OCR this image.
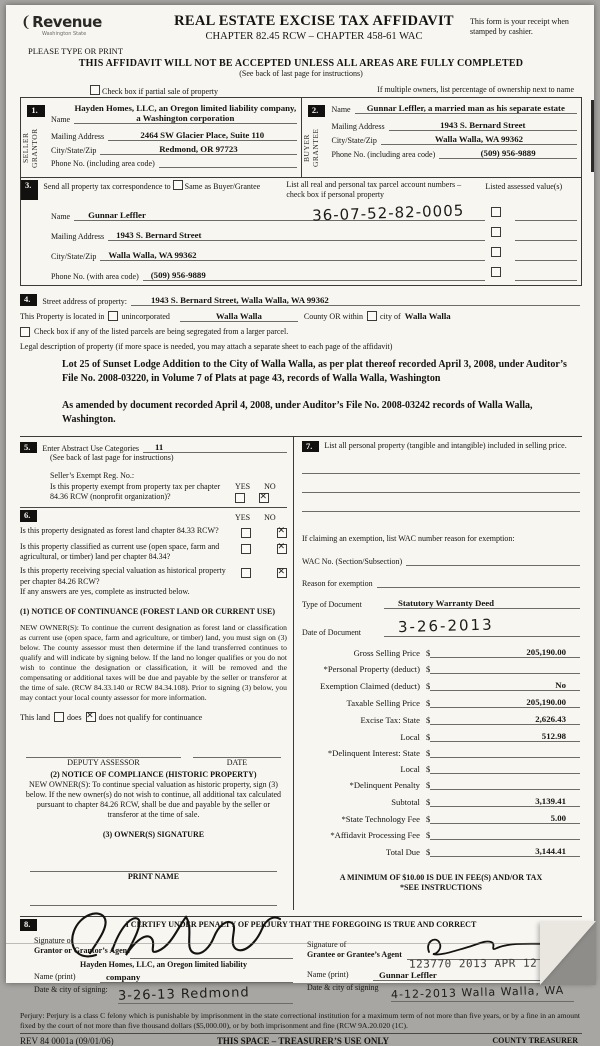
❨Revenue
Washington State
PLEASE TYPE OR PRINT
REAL ESTATE EXCISE TAX AFFIDAVIT
CHAPTER 82.45 RCW – CHAPTER 458-61 WAC
This form is your receipt when stamped by cashier.
THIS AFFIDAVIT WILL NOT BE ACCEPTED UNLESS ALL AREAS ARE FULLY COMPLETED
(See back of last page for instructions)
Check box if partial sale of property	If multiple owners, list percentage of ownership next to name
1.
SELLER GRANTOR
Name
Hayden Homes, LLC, an Oregon limited liability company, a Washington corporation
Mailing Address	2464 SW Glacier Place, Suite 110
City/State/Zip	Redmond, OR 97723
Phone No. (including area code)
2.
BUYER GRANTEE
Name	Gunnar Leffler, a married man as his separate estate
Mailing Address	1943 S. Bernard Street
City/State/Zip	Walla Walla, WA 99362
Phone No. (including area code)	(509) 956-9889
3.	Send all property tax correspondence to Same as Buyer/Grantee	List all real and personal tax parcel account numbers – check box if personal property
Listed assessed value(s)
Name	Gunnar Leffler	36-07-52-82-0005
Mailing Address	1943 S. Bernard Street
City/State/Zip	Walla Walla, WA 99362
Phone No. (with area code)	(509) 956-9889
4.	Street address of property:	1943 S. Bernard Street, Walla Walla, WA 99362
This Property is located in	unincorporated	Walla Walla	County OR within	city of Walla Walla
Check box if any of the listed parcels are being segregated from a larger parcel.
Legal description of property (if more space is needed, you may attach a separate sheet to each page of the affidavit)
Lot 25 of Sunset Lodge Addition to the City of Walla Walla, as per plat thereof recorded April 3, 2008, under Auditor’s File No. 2008-03220, in Volume 7 of Plats at page 43, records of Walla Walla, Washington
As amended by document recorded April 4, 2008, under Auditor’s File No. 2008-03242 records of Walla Walla, Washington.
5.	Enter Abstract Use Categories	11
(See back of last page for instructions)
Seller’s Exempt Reg. No.:
Is this property exempt from property tax per chapter 84.36 RCW (nonprofit organization)?
YES NO
✕
6.	YES NO
Is this property designated as forest land chapter 84.33 RCW?
✕
Is this property classified as current use (open space, farm and agricultural, or timber) land per chapter 84.34?
✕
Is this property receiving special valuation as historical property per chapter 84.26 RCW?
✕
If any answers are yes, complete as instructed below.
(1) NOTICE OF CONTINUANCE (FOREST LAND OR CURRENT USE)
NEW OWNER(S): To continue the current designation as forest land or classification as current use (open space, farm and agriculture, or timber) land, you must sign on (3) below. The county assessor must then determine if the land transferred continues to qualify and will indicate by signing below. If the land no longer qualifies or you do not wish to continue the designation or classification, it will be removed and the compensating or additional taxes will be due and payable by the seller or transferor at the time of sale. (RCW 84.33.140 or RCW 84.34.108). Prior to signing (3) below, you may contact your local county assessor for more information.
This land	does ✕	does not qualify for continuance
DEPUTY ASSESSOR	DATE
(2) NOTICE OF COMPLIANCE (HISTORIC PROPERTY)
NEW OWNER(S): To continue special valuation as historic property, sign (3) below. If the new owner(s) do not wish to continue, all additional tax calculated pursuant to chapter 84.26 RCW, shall be due and payable by the seller or transferor at the time of sale.
(3) OWNER(S) SIGNATURE
PRINT NAME
7.	List all personal property (tangible and intangible) included in selling price.
If claiming an exemption, list WAC number reason for exemption:
WAC No. (Section/Subsection)
Reason for exemption
Type of Document	Statutory Warranty Deed
Date of Document	3-26-2013
Gross Selling Price $	205,190.00
*Personal Property (deduct) $
Exemption Claimed (deduct) $	No
Taxable Selling Price $	205,190.00
Excise Tax: State $	2,626.43
Local $	512.98
*Delinquent Interest: State $
Local $
*Delinquent Penalty $
Subtotal $	3,139.41
*State Technology Fee $	5.00
*Affidavit Processing Fee $
Total Due $	3,144.41
A MINIMUM OF $10.00 IS DUE IN FEE(S) AND/OR TAX
*SEE INSTRUCTIONS
I CERTIFY UNDER PENALTY OF PERJURY THAT THE FOREGOING IS TRUE AND CORRECT
8.
Signature of
Grantor or Grantor’s Agent
Hayden Homes, LLC, an Oregon limited liability
Name (print)	company
Date & city of signing: 3-26-13 Redmond
Signature of
Grantee or Grantee’s Agent
Name (print)	Gunnar Leffler
Date & city of signing	4-12-2013 Walla Walla, WA
Perjury: Perjury is a class C felony which is punishable by imprisonment in the state correctional institution for a maximum term of not more than five years, or by a fine in an amount fixed by the court of not more than five thousand dollars ($5,000.00), or by both imprisonment and fine (RCW 9A.20.020 (1C).
REV 84 0001a (09/01/06)	THIS SPACE – TREASURER’S USE ONLY	COUNTY TREASURER
123770 2013 APR 12 15:35
